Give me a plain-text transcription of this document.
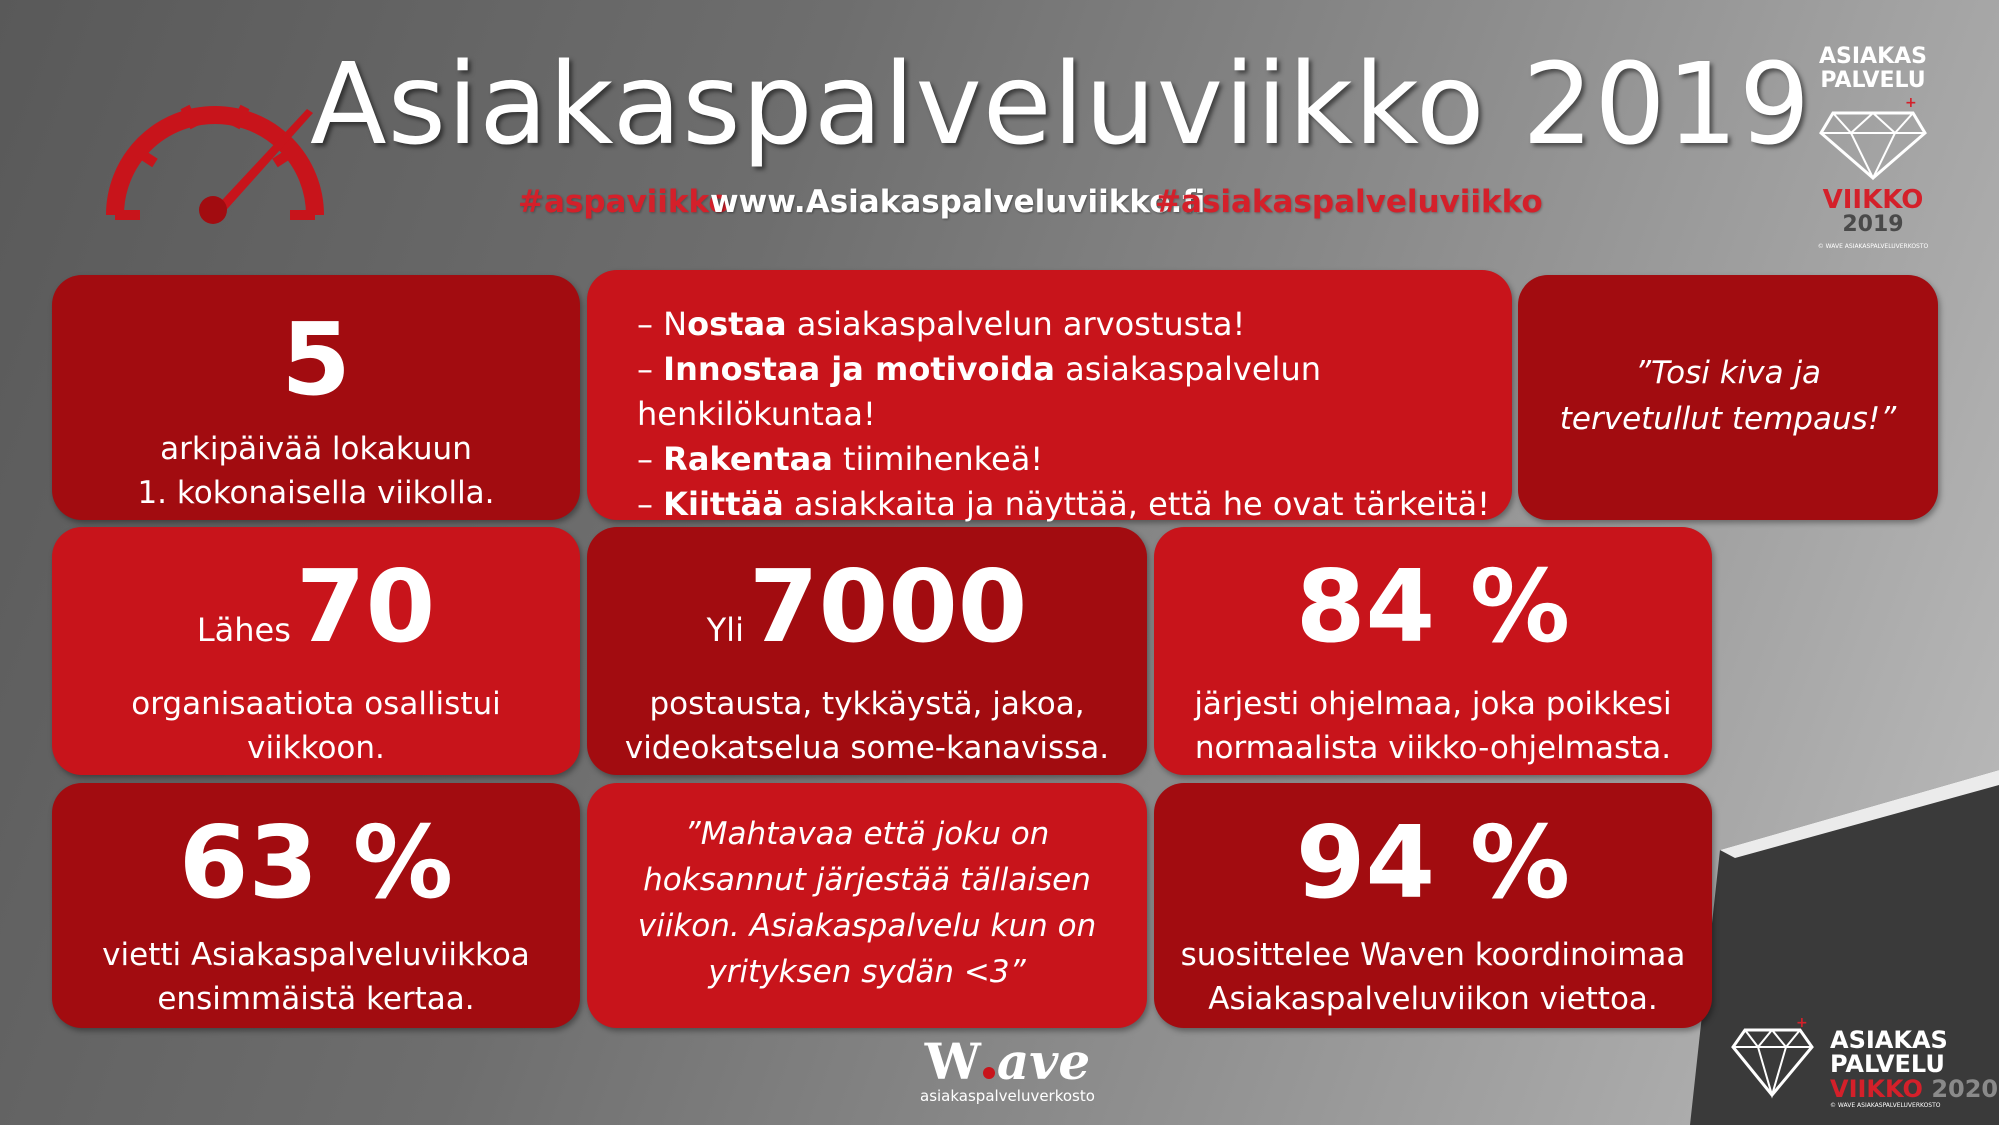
Asiakaspalveluviikko 2019
#aspaviikko
www.Asiakaspalveluviikko.fi
#asiakaspalveluviikko
ASIAKAS
PALVELU
+
VIIKKO
2019
© WAVE ASIAKASPALVELUVERKOSTO
5
arkipäivää lokakuun
1. kokonaisella viikolla.
– Nostaa asiakaspalvelun arvostusta!
– Innostaa ja motivoida asiakaspalvelun henkilökuntaa!
– Rakentaa tiimihenkeä!
– Kiittää asiakkaita ja näyttää, että he ovat tärkeitä!
”Tosi kiva ja
tervetullut tempaus!”
Lähes 70
organisaatiota osallistui
viikkoon.
Yli 7000
postausta, tykkäystä, jakoa,
videokatselua some-kanavissa.
84 %
järjesti ohjelmaa, joka poikkesi
normaalista viikko-ohjelmasta.
63 %
vietti Asiakaspalveluviikkoa
ensimmäistä kertaa.
”Mahtavaa että joku on
hoksannut järjestää tällaisen
viikon. Asiakaspalvelu kun on
yrityksen sydän <3”
94 %
suosittelee Waven koordinoimaa
Asiakaspalveluviikon viettoa.
W ave
asiakaspalveluverkosto
+
ASIAKAS
PALVELU
VIIKKO 2020
© WAVE ASIAKASPALVELUVERKOSTO
